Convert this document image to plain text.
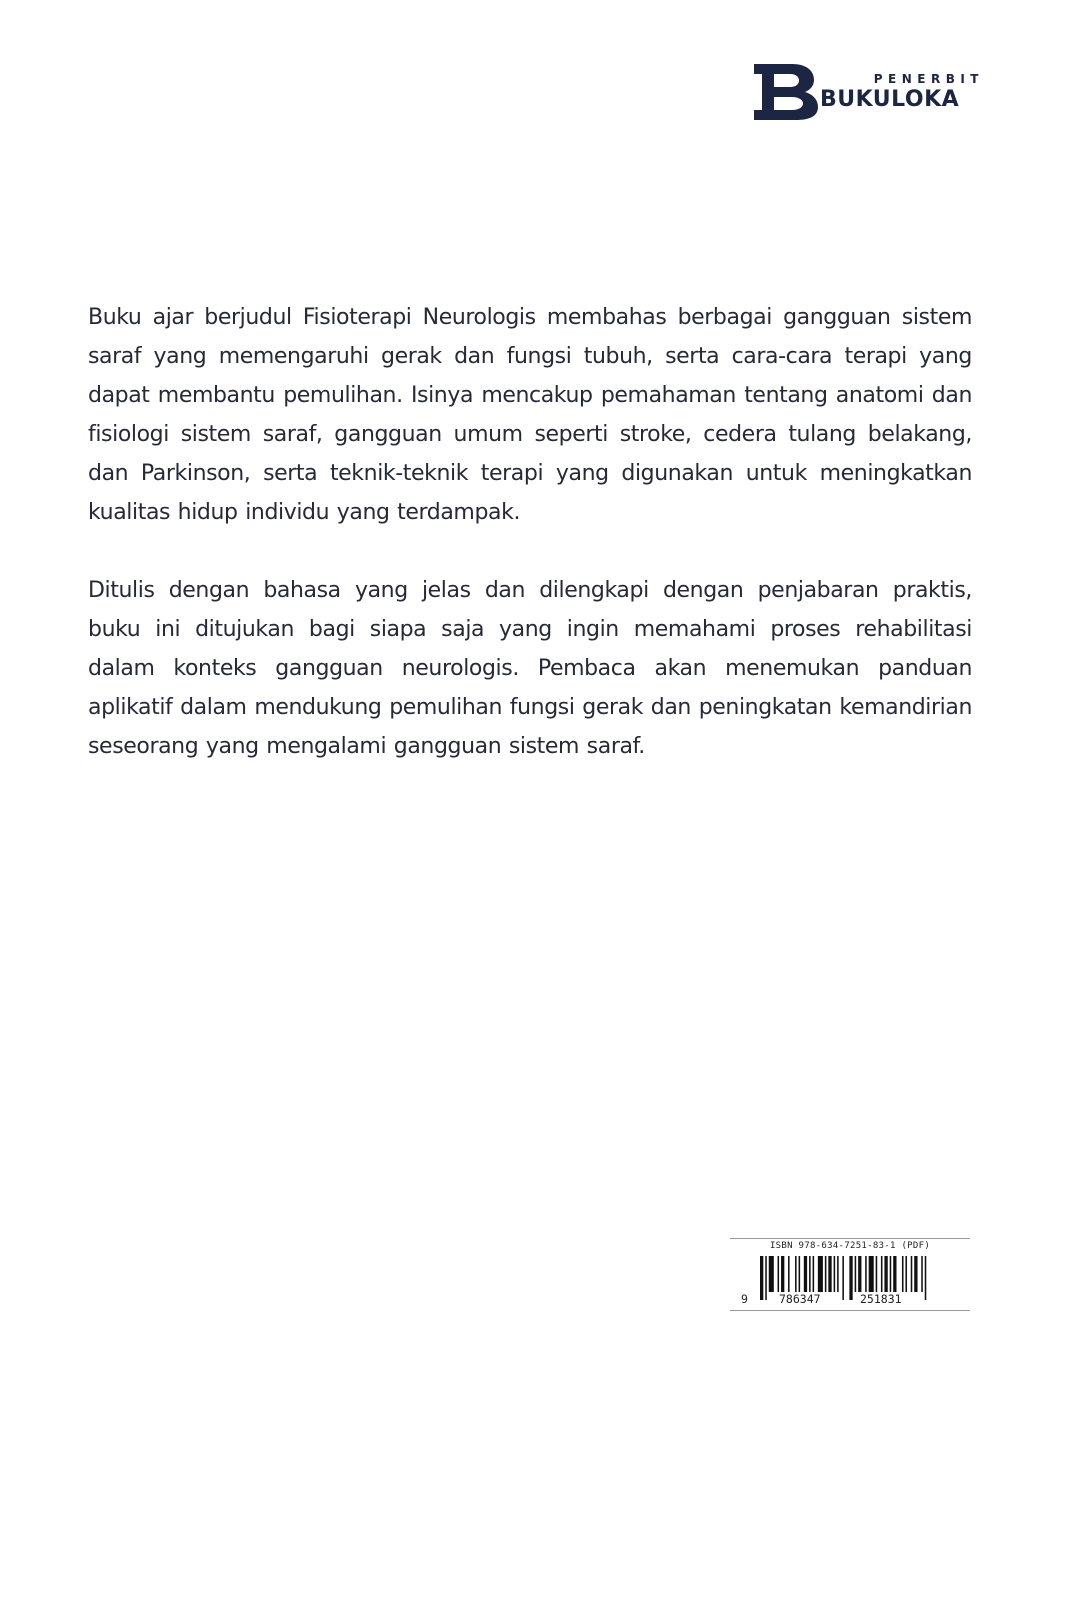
PENERBIT
BUKULOKA

Buku ajar berjudul Fisioterapi Neurologis membahas berbagai gangguan sistem saraf yang memengaruhi gerak dan fungsi tubuh, serta cara-cara terapi yang dapat membantu pemulihan. Isinya mencakup pemahaman tentang anatomi dan fisiologi sistem saraf, gangguan umum seperti stroke, cedera tulang belakang, dan Parkinson, serta teknik-teknik terapi yang digunakan untuk meningkatkan kualitas hidup individu yang terdampak.

Ditulis dengan bahasa yang jelas dan dilengkapi dengan penjabaran praktis, buku ini ditujukan bagi siapa saja yang ingin memahami proses rehabilitasi dalam konteks gangguan neurologis. Pembaca akan menemukan panduan aplikatif dalam mendukung pemulihan fungsi gerak dan peningkatan kemandirian seseorang yang mengalami gangguan sistem saraf.

ISBN 978-634-7251-83-1 (PDF)
9	786347	251831
